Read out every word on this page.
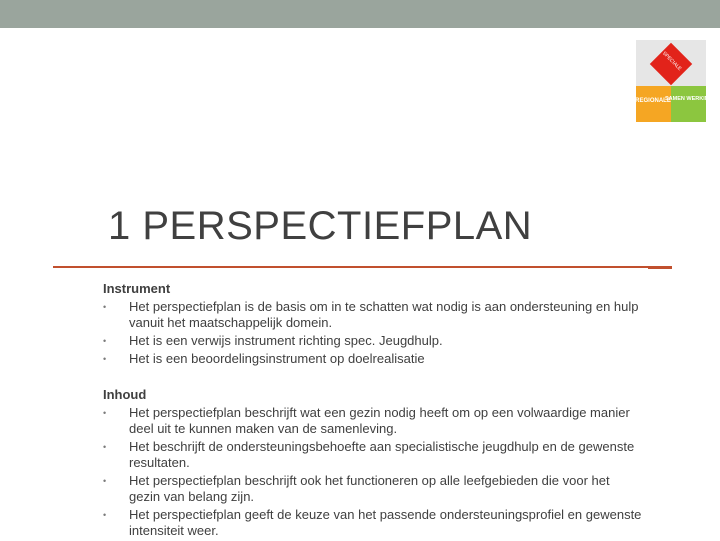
SPECIALE
REGIONALE
SAMEN WERKING
1 PERSPECTIEFPLAN
Instrument
• Het perspectiefplan is de basis om in te schatten wat nodig is aan ondersteuning en hulp vanuit het maatschappelijk domein.
• Het is een verwijs instrument richting spec. Jeugdhulp.
• Het is een beoordelingsinstrument op doelrealisatie
Inhoud
• Het perspectiefplan beschrijft wat een gezin nodig heeft om op een volwaardige manier deel uit te kunnen maken van de samenleving.
• Het beschrijft de ondersteuningsbehoefte aan specialistische jeugdhulp en de gewenste resultaten.
• Het perspectiefplan beschrijft ook het functioneren op alle leefgebieden die voor het gezin van belang zijn.
• Het perspectiefplan geeft de keuze van het passende ondersteuningsprofiel en gewenste intensiteit weer.
